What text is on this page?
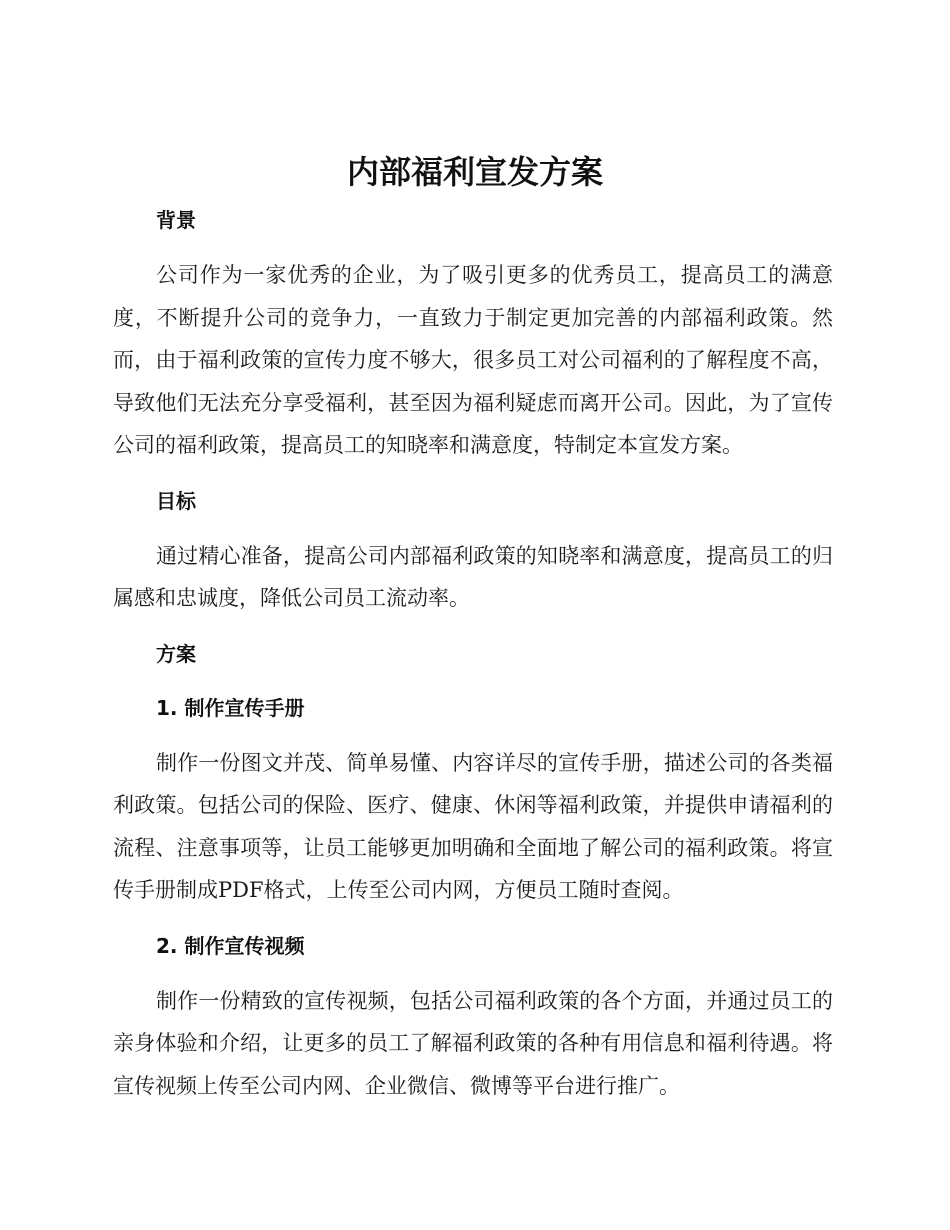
内部福利宣发方案
背景

公司作为一家优秀的企业，为了吸引更多的优秀员工，提高员工的满意度，不断提升公司的竞争力，一直致力于制定更加完善的内部福利政策。然而，由于福利政策的宣传力度不够大，很多员工对公司福利的了解程度不高，导致他们无法充分享受福利，甚至因为福利疑虑而离开公司。因此，为了宣传公司的福利政策，提高员工的知晓率和满意度，特制定本宣发方案。

目标

通过精心准备，提高公司内部福利政策的知晓率和满意度，提高员工的归属感和忠诚度，降低公司员工流动率。

方案
1. 制作宣传手册

制作一份图文并茂、简单易懂、内容详尽的宣传手册，描述公司的各类福利政策。包括公司的保险、医疗、健康、休闲等福利政策，并提供申请福利的流程、注意事项等，让员工能够更加明确和全面地了解公司的福利政策。将宣传手册制成PDF格式，上传至公司内网，方便员工随时查阅。

2. 制作宣传视频

制作一份精致的宣传视频，包括公司福利政策的各个方面，并通过员工的亲身体验和介绍，让更多的员工了解福利政策的各种有用信息和福利待遇。将宣传视频上传至公司内网、企业微信、微博等平台进行推广。
